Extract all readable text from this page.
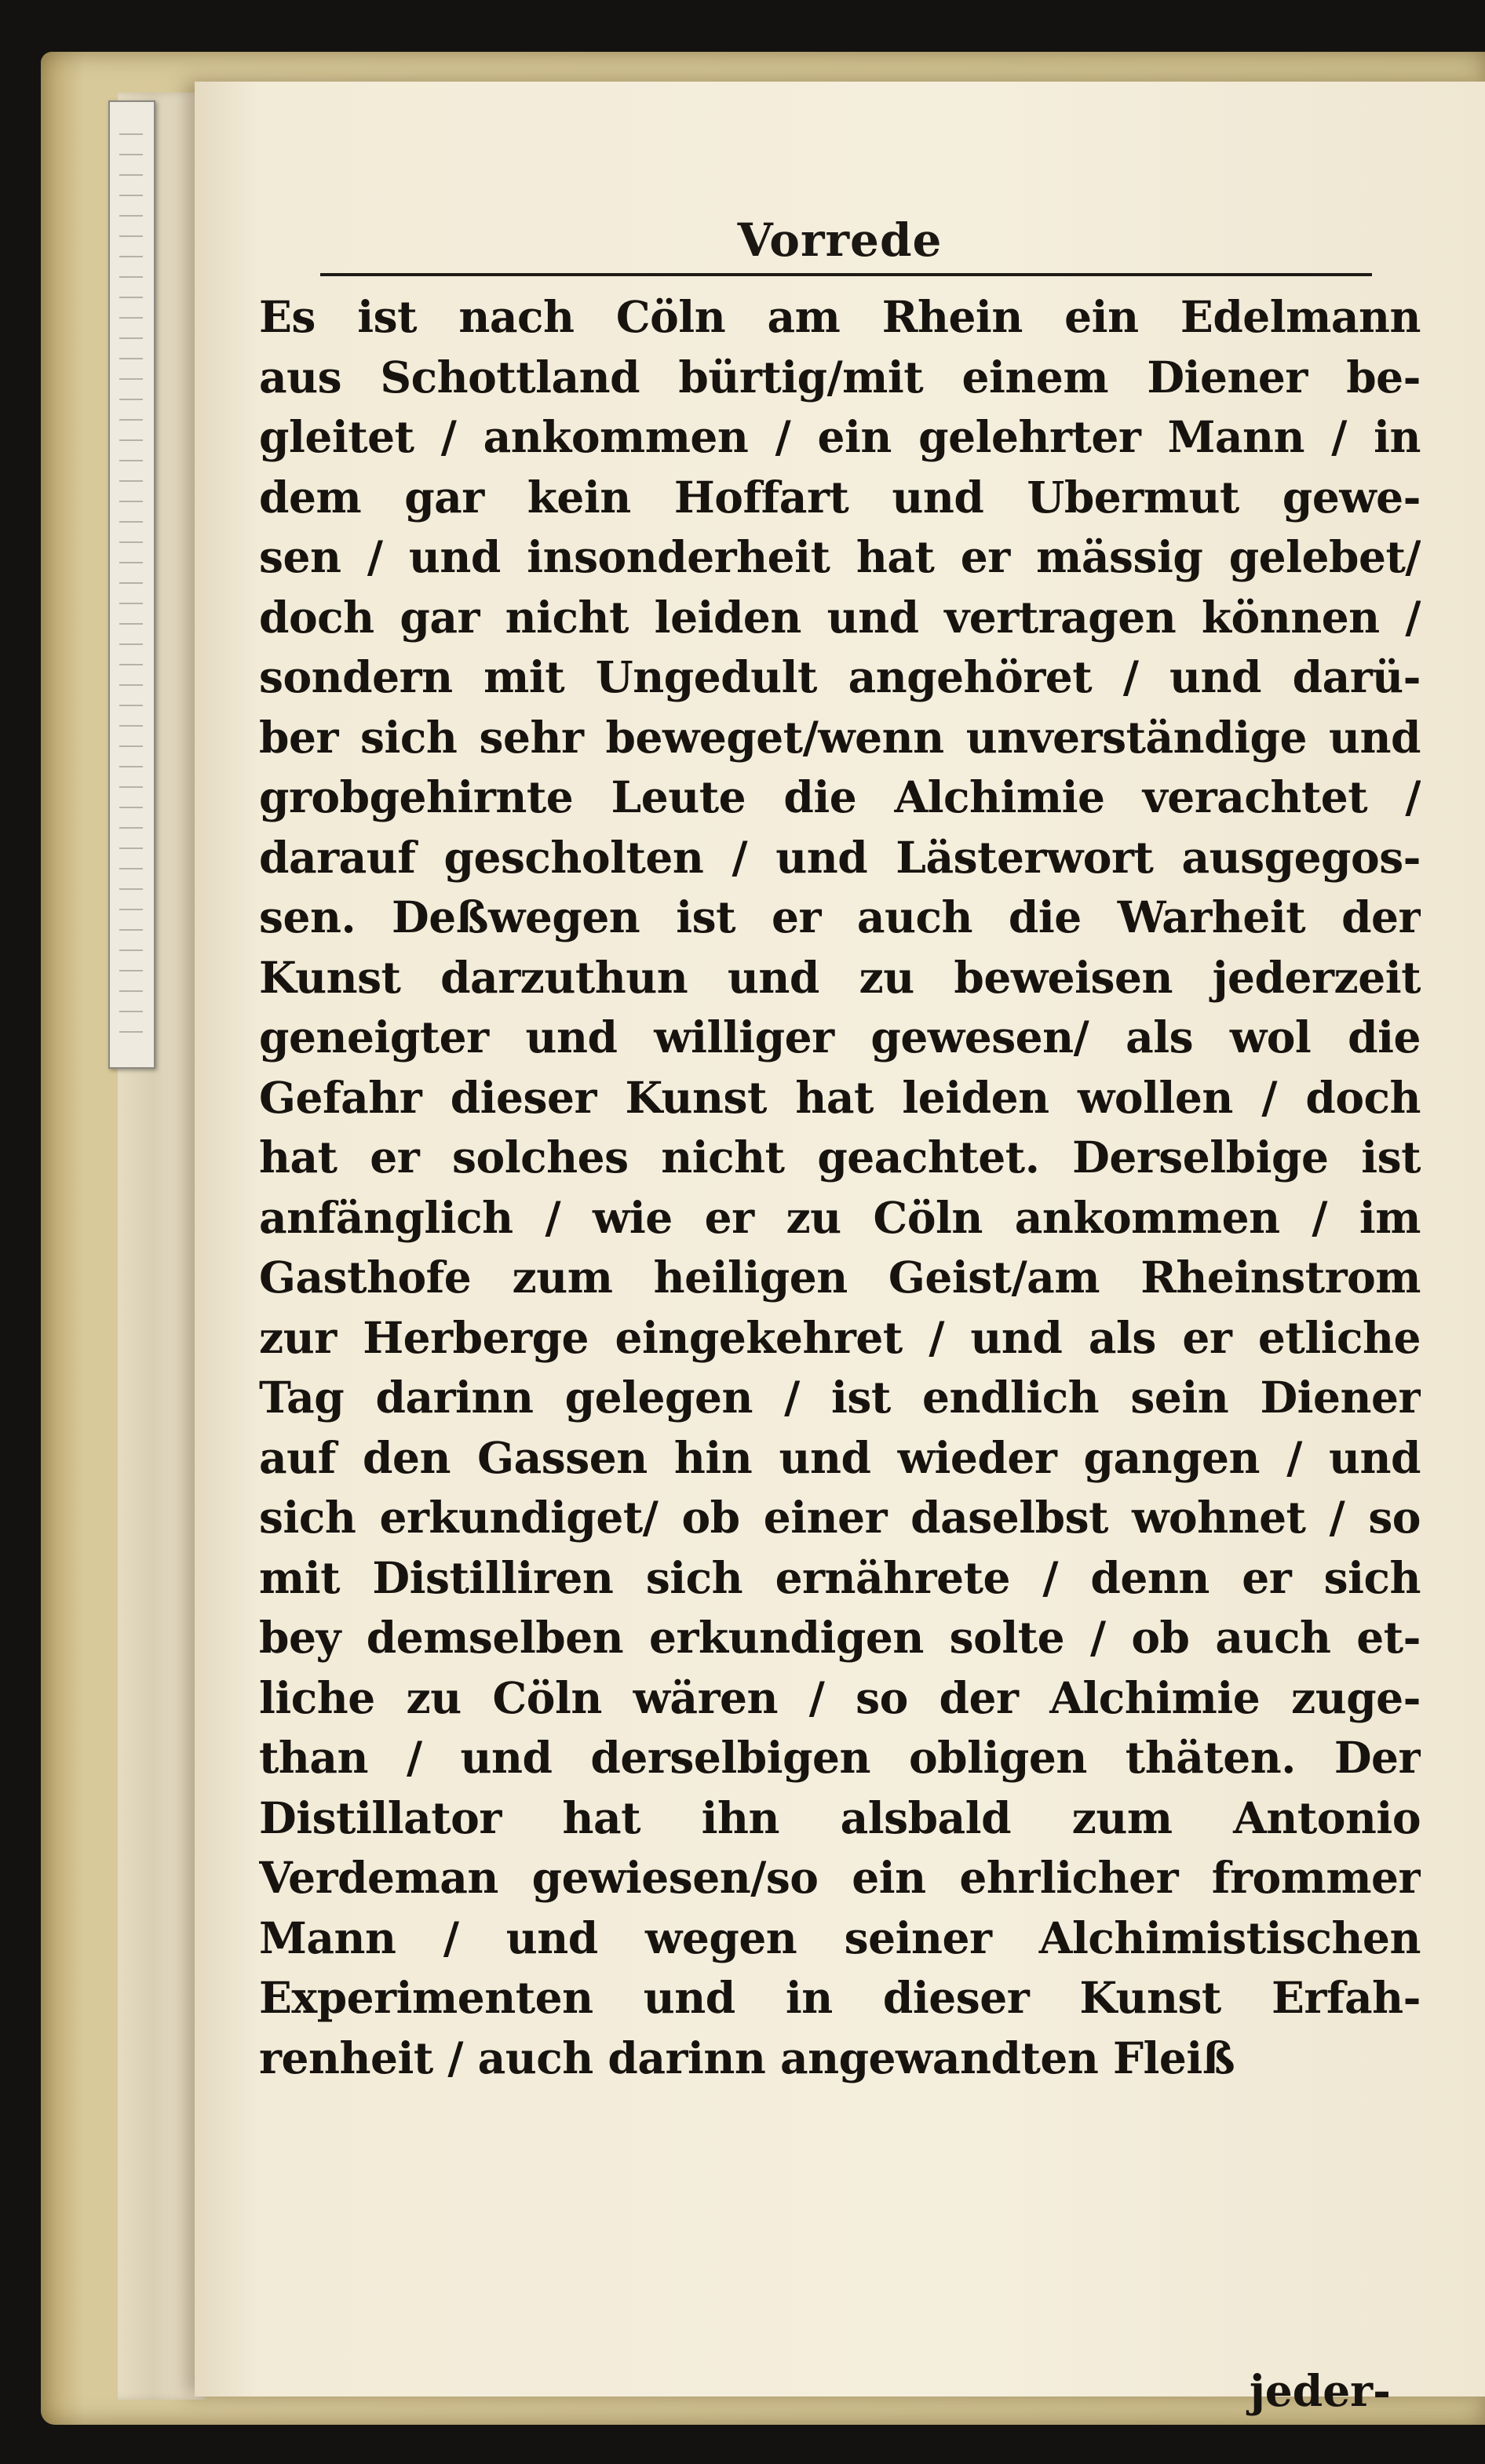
Vorrede
Es ist nach Cöln am Rhein ein Edelmann
aus Schottland bürtig/mit einem Diener be-
gleitet / ankommen / ein gelehrter Mann / in
dem gar kein Hoffart und Ubermut gewe-
sen / und insonderheit hat er mässig gelebet/
doch gar nicht leiden und vertragen können /
sondern mit Ungedult angehöret / und darü-
ber sich sehr beweget/wenn unverständige und
grobgehirnte Leute die Alchimie verachtet /
darauf gescholten / und Lästerwort ausgegos-
sen. Deßwegen ist er auch die Warheit der
Kunst darzuthun und zu beweisen jederzeit
geneigter und williger gewesen/ als wol die
Gefahr dieser Kunst hat leiden wollen / doch
hat er solches nicht geachtet. Derselbige ist
anfänglich / wie er zu Cöln ankommen / im
Gasthofe zum heiligen Geist/am Rheinstrom
zur Herberge eingekehret / und als er etliche
Tag darinn gelegen / ist endlich sein Diener
auf den Gassen hin und wieder gangen / und
sich erkundiget/ ob einer daselbst wohnet / so
mit Distilliren sich ernährete / denn er sich
bey demselben erkundigen solte / ob auch et-
liche zu Cöln wären / so der Alchimie zuge-
than / und derselbigen obligen thäten. Der
Distillator hat ihn alsbald zum Antonio
Verdeman gewiesen/so ein ehrlicher frommer
Mann / und wegen seiner Alchimistischen
Experimenten und in dieser Kunst Erfah-
renheit / auch darinn angewandten Fleiß
jeder-
